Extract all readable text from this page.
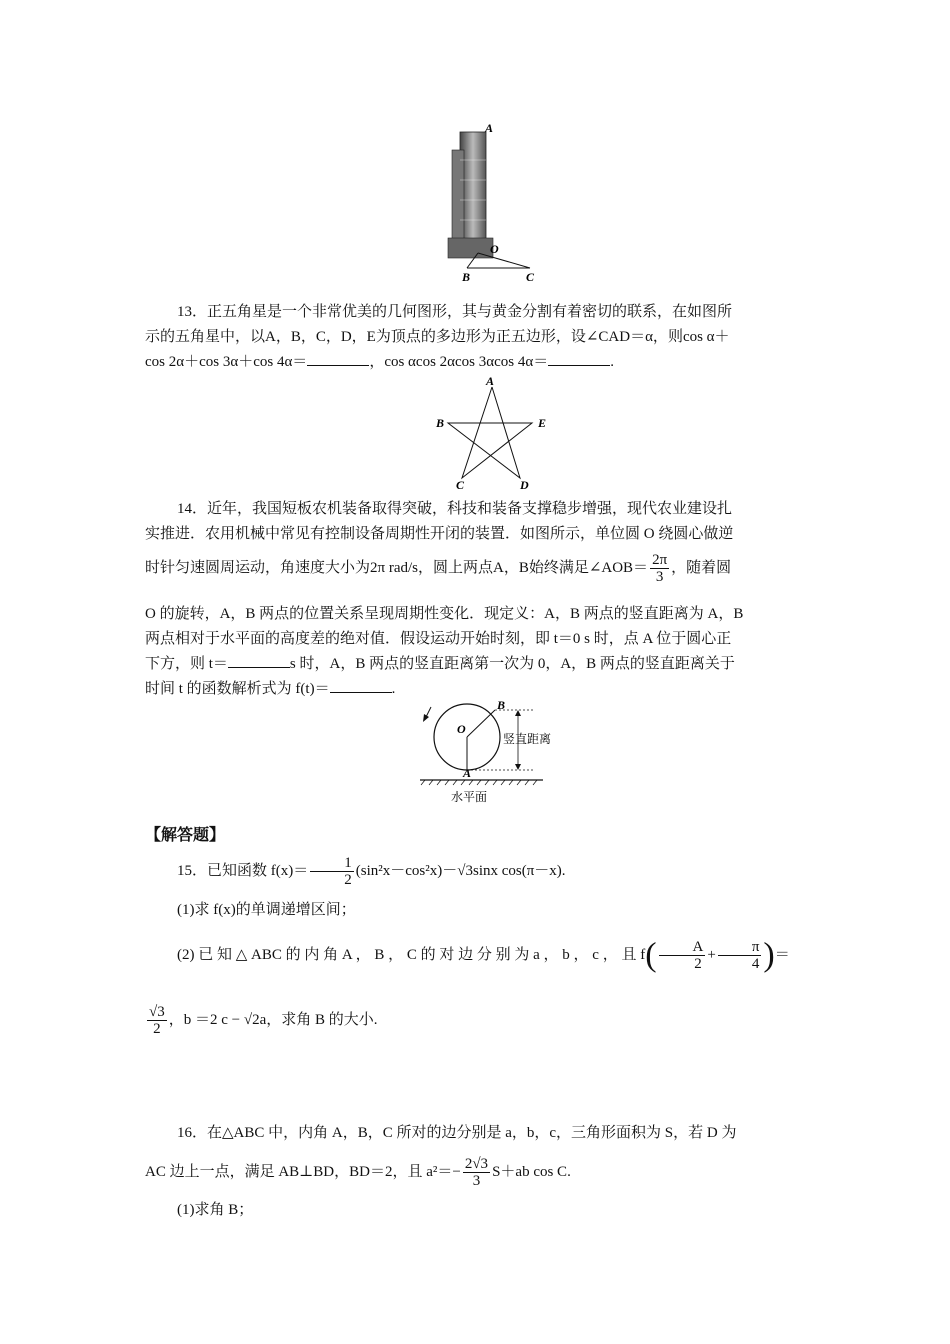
A
O
B	C
13．正五角星是一个非常优美的几何图形，其与黄金分割有着密切的联系，在如图所
示的五角星中，以A，B，C，D，E为顶点的多边形为正五边形，设∠CAD＝α，则cos α＋
cos 2α＋cos 3α＋cos 4α＝	，cos αcos 2αcos 3αcos 4α＝	.
A
B	E
C	D
14．近年，我国短板农机装备取得突破，科技和装备支撑稳步增强，现代农业建设扎
实推进．农用机械中常见有控制设备周期性开闭的装置．如图所示，单位圆 O 绕圆心做逆
时针匀速圆周运动，角速度大小为2π rad/s，圆上两点A，B始终满足∠AOB＝ $\frac{2\pi}{3}$ ，随着圆
O 的旋转，A，B 两点的位置关系呈现周期性变化．现定义：A，B 两点的竖直距离为 A，B
两点相对于水平面的高度差的绝对值．假设运动开始时刻，即 t＝0 s 时，点 A 位于圆心正
下方，则 t＝	s 时，A，B 两点的竖直距离第一次为 0，A，B 两点的竖直距离关于
时间 t 的函数解析式为 f(t)＝	.
O
A
B
竖直距离
水平面
【解答题】
15．已知函数 $f(x)= \frac{1}{2} (\sin^2x-\cos^2x)-√3\sin x$ cos(π－x).
(1)求 f(x)的单调递增区间；
(2) 已 知 △ ABC 的 内 角 A ， B ， C 的 对 边 分 别 为 a ， b ， c ， 且 $f( \frac{A}{2} + \frac{\pi}{4}$ )＝
$\frac{√3}{2}$ ，b ＝2 c − √2a，求角 B 的大小.
16．在△ABC 中，内角 A，B，C 所对的边分别是 a，b，c，三角形面积为 S，若 D 为
AC 边上一点，满足 AB⊥BD，BD＝2，且 $a^2=- \frac{2√3}{3} S+ab$ cos C.
(1)求角 B；
